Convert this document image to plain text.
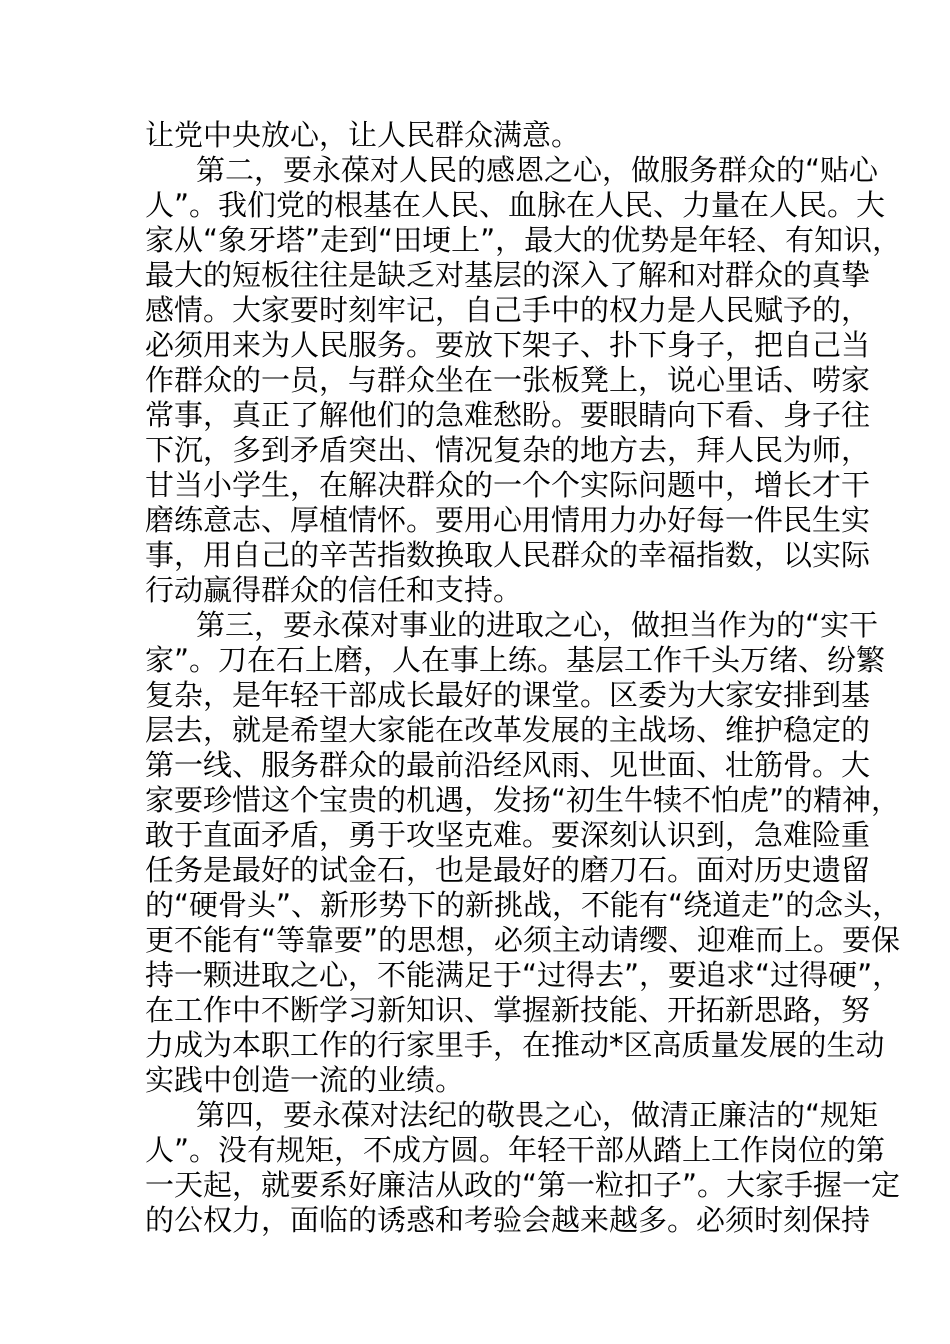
让党中央放心，让人民群众满意。
第二，要永葆对人民的感恩之心，做服务群众的“贴心
人”。我们党的根基在人民、血脉在人民、力量在人民。大
家从“象牙塔”走到“田埂上”，最大的优势是年轻、有知识，
最大的短板往往是缺乏对基层的深入了解和对群众的真挚
感情。大家要时刻牢记，自己手中的权力是人民赋予的，
必须用来为人民服务。要放下架子、扑下身子，把自己当
作群众的一员，与群众坐在一张板凳上，说心里话、唠家
常事，真正了解他们的急难愁盼。要眼睛向下看、身子往
下沉，多到矛盾突出、情况复杂的地方去，拜人民为师，
甘当小学生，在解决群众的一个个实际问题中，增长才干
磨练意志、厚植情怀。要用心用情用力办好每一件民生实
事，用自己的辛苦指数换取人民群众的幸福指数，以实际
行动赢得群众的信任和支持。
第三，要永葆对事业的进取之心，做担当作为的“实干
家”。刀在石上磨，人在事上练。基层工作千头万绪、纷繁
复杂，是年轻干部成长最好的课堂。区委为大家安排到基
层去，就是希望大家能在改革发展的主战场、维护稳定的
第一线、服务群众的最前沿经风雨、见世面、壮筋骨。大
家要珍惜这个宝贵的机遇，发扬“初生牛犊不怕虎”的精神，
敢于直面矛盾，勇于攻坚克难。要深刻认识到，急难险重
任务是最好的试金石，也是最好的磨刀石。面对历史遗留
的“硬骨头”、新形势下的新挑战，不能有“绕道走”的念头，
更不能有“等靠要”的思想，必须主动请缨、迎难而上。要保
持一颗进取之心，不能满足于“过得去”，要追求“过得硬”，
在工作中不断学习新知识、掌握新技能、开拓新思路，努
力成为本职工作的行家里手，在推动*区高质量发展的生动
实践中创造一流的业绩。
第四，要永葆对法纪的敬畏之心，做清正廉洁的“规矩
人”。没有规矩，不成方圆。年轻干部从踏上工作岗位的第
一天起，就要系好廉洁从政的“第一粒扣子”。大家手握一定
的公权力，面临的诱惑和考验会越来越多。必须时刻保持
